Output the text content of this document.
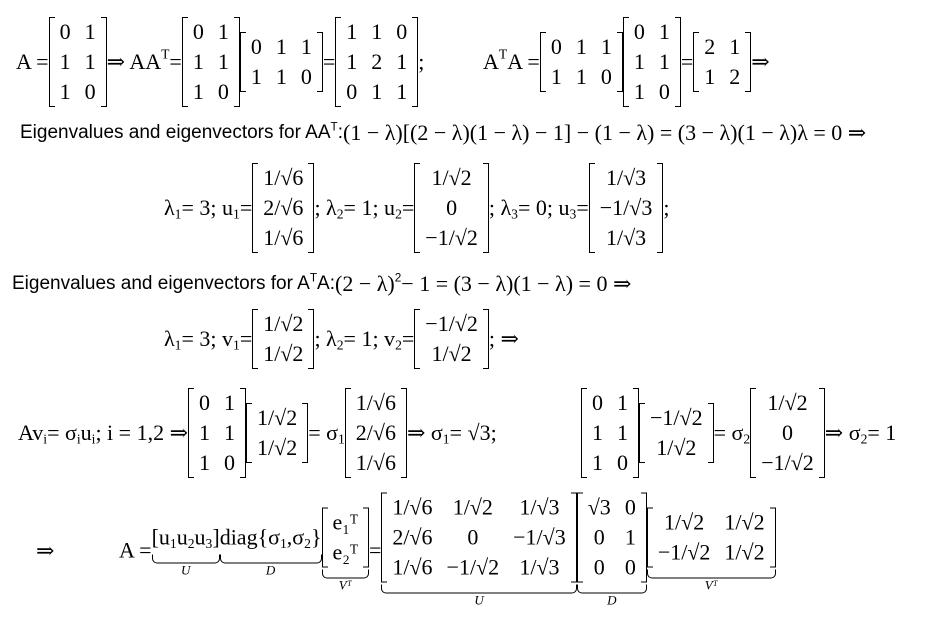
A =
0 1
1 1
1 0
⇒ $AA^T=$
0 1
1 1
1 0
0 1 1
1 1 0
=
1 1 0
1 2 1
0 1 1
;	$A^TA$ =
0 1 1
1 1 0
0 1
1 1
1 0
=
2 1
1 2
⇒
Eigenvalues and eigenvectors for $AA^T:(1 - \lambda)[(2 - \lambda)(1 - \lambda) - 1] - (1 - \lambda) = (3 - \lambda)(1 - \lambda)\lambda = 0$ ⇒
$\lambda_1= 3$; $u_1=$
1/√6
2/√6
1/√6
; $\lambda_2= 1$; $u_2=$
1/√2
0
−1/√2
; $\lambda_3= 0$; $u_3=$
1/√3
−1/√3
1/√3
;
Eigenvalues and eigenvectors for $A^TA:(2 - \lambda)^2- 1 = (3 - \lambda)(1 - \lambda) = 0$ ⇒
$\lambda_1= 3$; $v_1=$
1/√2
1/√2
; $\lambda_2= 1$; $v_2=$
−1/√2
1/√2
; ⇒
$Av_i= \sigma_iu_i$; i = 1,2 ⇒
0 1
1 1
1 0
1/√2
1/√2
= $\sigma_1$
1/√6
2/√6
1/√6
⇒ $\sigma_1= √3$;
0 1
1 1
1 0
−1/√2
1/√2
= $\sigma_2$
1/√2
0
−1/√2
⇒ $\sigma_2= 1$
⇒	$A = [u_1u_2u_3]$
U
$diag\{\sigma_1,\sigma_2\}$
D
e₁ᵀ
e₂ᵀ
Vᵀ
=
1/√6 1/√2 1/√3
2/√6 0 −1/√3
1/√6 −1/√2 1/√3
U
√3 0
0 1
0 0
D
1/√2 1/√2
−1/√2 1/√2
Vᵀ
